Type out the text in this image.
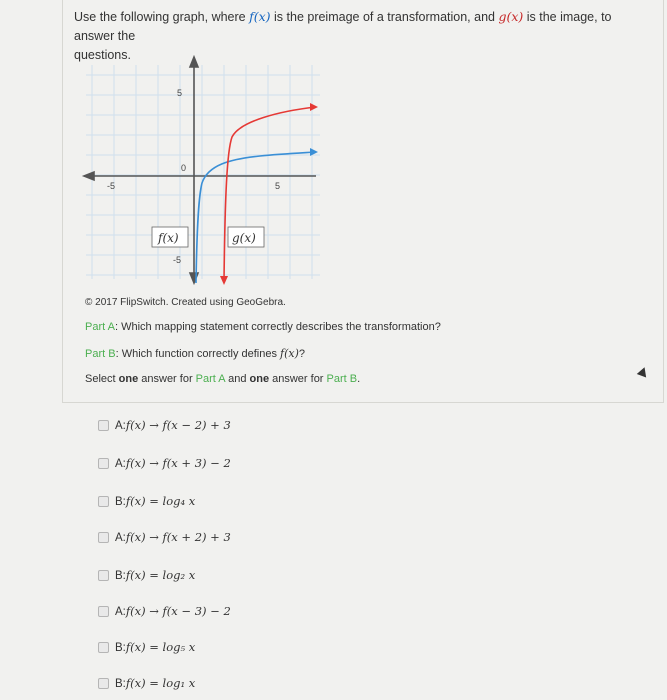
Use the following graph, where f(x) is the preimage of a transformation, and g(x) is the image, to answer the
questions.
5
0
-5	5
-5
f(x)	g(x)
© 2017 FlipSwitch. Created using GeoGebra.
Part A: Which mapping statement correctly describes the transformation?
Part B: Which function correctly defines f(x)?
Select one answer for Part A and one answer for Part B.
A:f(x) → f(x − 2) + 3
A:f(x) → f(x + 3) − 2
B:f(x) = log₄ x
A:f(x) → f(x + 2) + 3
B:f(x) = log₂ x
A:f(x) → f(x − 3) − 2
B:f(x) = log₅ x
B:f(x) = log₁ x
